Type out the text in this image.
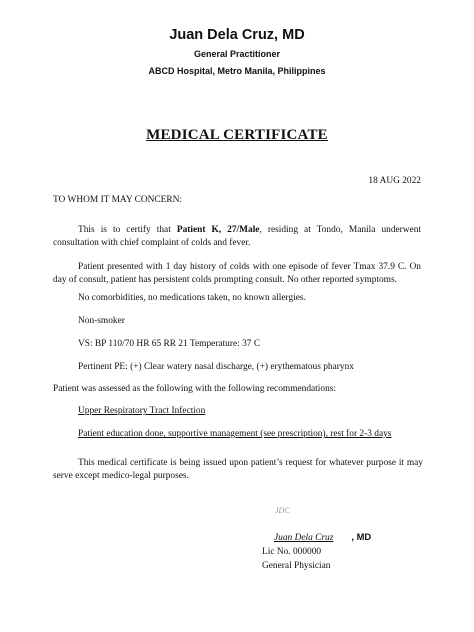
Juan Dela Cruz, MD
General Practitioner
ABCD Hospital, Metro Manila, Philippines
MEDICAL CERTIFICATE
18 AUG 2022
TO WHOM IT MAY CONCERN:
This is to certify that Patient K, 27/Male, residing at Tondo, Manila underwent consultation with chief complaint of colds and fever.
Patient presented with 1 day history of colds with one episode of fever Tmax 37.9 C. On day of consult, patient has persistent colds prompting consult. No other reported symptoms.
No comorbidities, no medications taken, no known allergies.
Non-smoker
VS: BP 110/70 HR 65 RR 21 Temperature: 37 C
Pertinent PE: (+) Clear watery nasal discharge, (+) erythematous pharynx
Patient was assessed as the following with the following recommendations:
Upper Respiratory Tract Infection
Patient education done, supportive management (see prescription), rest for 2-3 days
This medical certificate is being issued upon patient’s request for whatever purpose it may serve except medico-legal purposes.
JDC
Juan Dela Cruz , MD
Lic No. 000000
General Physician
